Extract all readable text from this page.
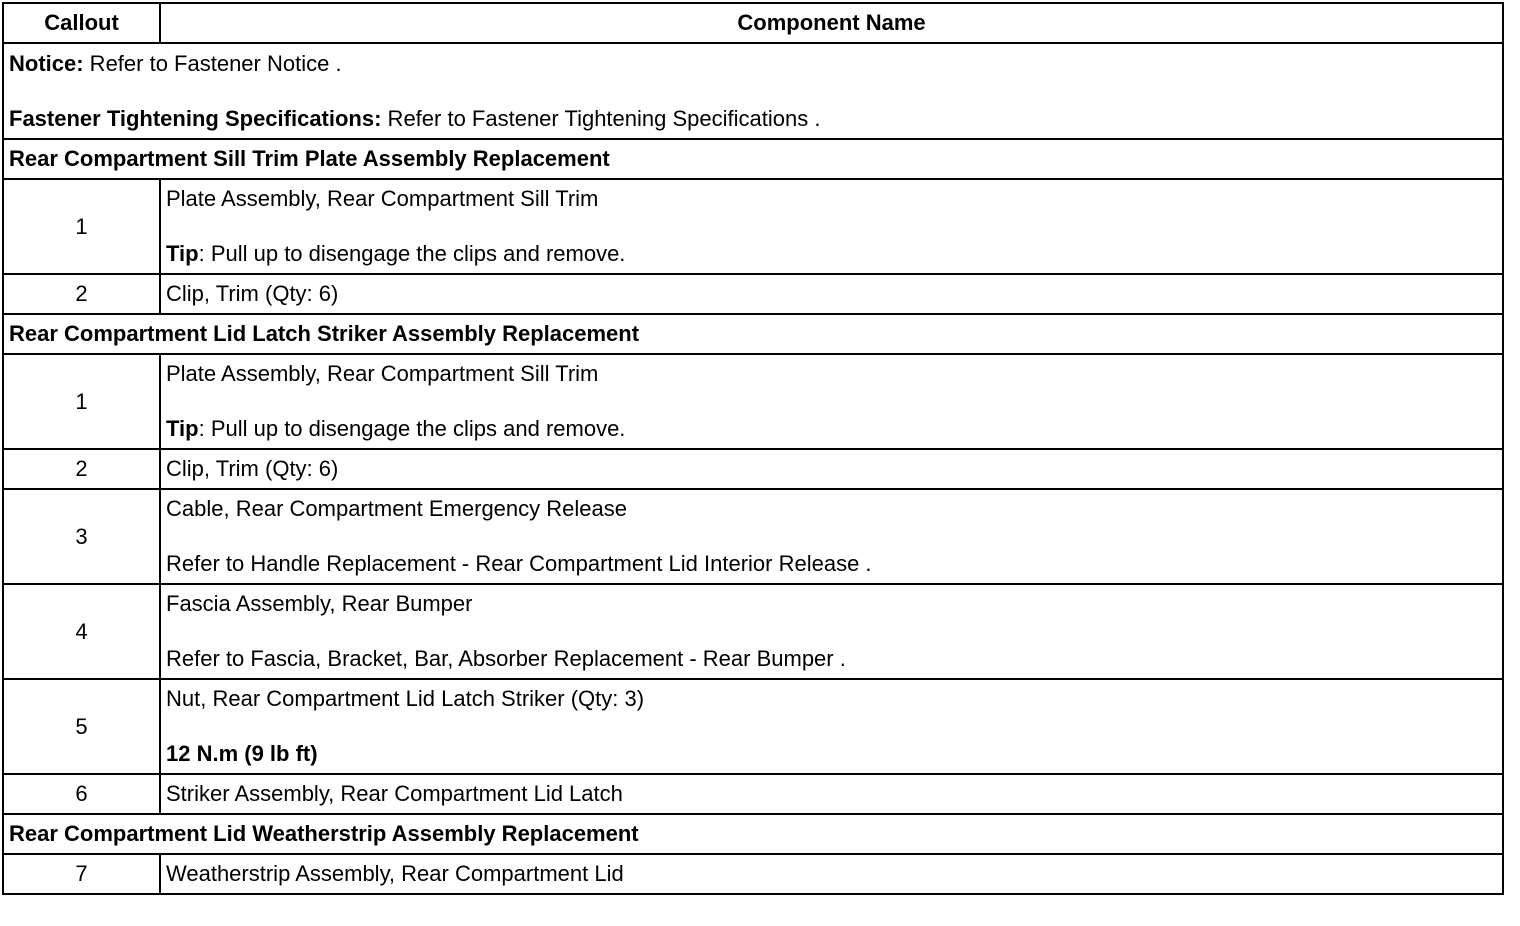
Callout	Component Name

Notice: Refer to Fastener Notice .
Fastener Tightening Specifications: Refer to Fastener Tightening Specifications .	

Rear Compartment Sill Trim Plate Assembly Replacement	
1	Plate Assembly, Rear Compartment Sill Trim
Tip: Pull up to disengage the clips and remove.

2	Clip, Trim (Qty: 6)
Rear Compartment Lid Latch Striker Assembly Replacement	
1	Plate Assembly, Rear Compartment Sill Trim
Tip: Pull up to disengage the clips and remove.

2	Clip, Trim (Qty: 6)
3	Cable, Rear Compartment Emergency Release
Refer to Handle Replacement - Rear Compartment Lid Interior Release .

4	Fascia Assembly, Rear Bumper
Refer to Fascia, Bracket, Bar, Absorber Replacement - Rear Bumper .

5	Nut, Rear Compartment Lid Latch Striker (Qty: 3)
12 N.m (9 lb ft)

6	Striker Assembly, Rear Compartment Lid Latch
Rear Compartment Lid Weatherstrip Assembly Replacement	
7	Weatherstrip Assembly, Rear Compartment Lid
